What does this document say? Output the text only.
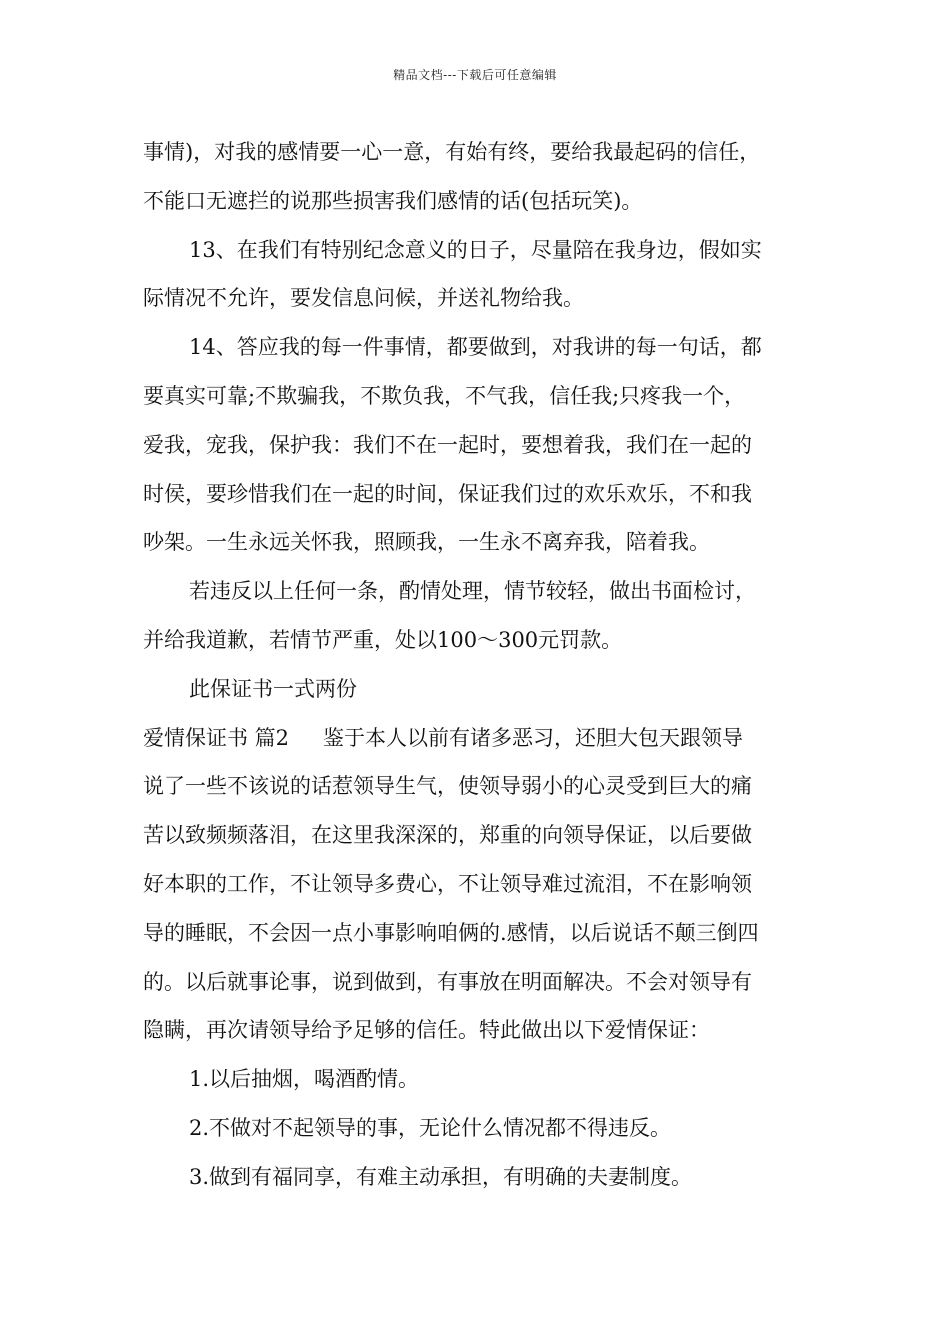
精品文档---下载后可任意编辑
事情)，对我的感情要一心一意，有始有终，要给我最起码的信任，
不能口无遮拦的说那些损害我们感情的话(包括玩笑)。
13、在我们有特别纪念意义的日子，尽量陪在我身边，假如实
际情况不允许，要发信息问候，并送礼物给我。
14、答应我的每一件事情，都要做到，对我讲的每一句话，都
要真实可靠;不欺骗我，不欺负我，不气我，信任我;只疼我一个，
爱我，宠我，保护我：我们不在一起时，要想着我，我们在一起的
时侯，要珍惜我们在一起的时间，保证我们过的欢乐欢乐，不和我
吵架。一生永远关怀我，照顾我，一生永不离弃我，陪着我。
若违反以上任何一条，酌情处理，情节较轻，做出书面检讨，
并给我道歉，若情节严重，处以100～300元罚款。
此保证书一式两份
爱情保证书 篇2 鉴于本人以前有诸多恶习，还胆大包天跟领导
说了一些不该说的话惹领导生气，使领导弱小的心灵受到巨大的痛
苦以致频频落泪，在这里我深深的，郑重的向领导保证，以后要做
好本职的工作，不让领导多费心，不让领导难过流泪，不在影响领
导的睡眠，不会因一点小事影响咱俩的.感情，以后说话不颠三倒四
的。以后就事论事，说到做到，有事放在明面解决。不会对领导有
隐瞒，再次请领导给予足够的信任。特此做出以下爱情保证：
1.以后抽烟，喝酒酌情。
2.不做对不起领导的事，无论什么情况都不得违反。
3.做到有福同享，有难主动承担，有明确的夫妻制度。
